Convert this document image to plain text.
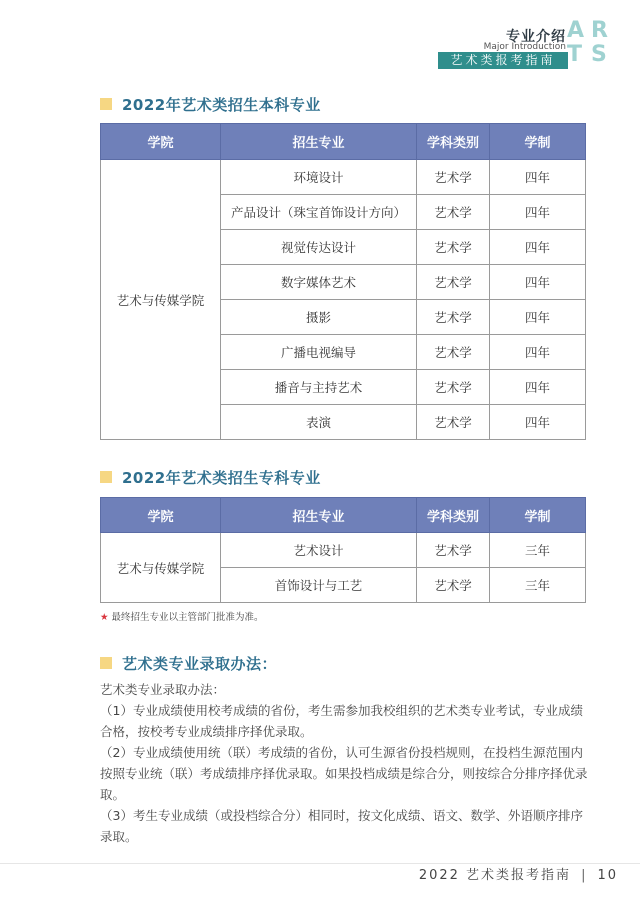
专业介绍
Major Introduction
艺术类报考指南
A R
T S
2022年艺术类招生本科专业
学院	招生专业	学科类别	学制
艺术与传媒学院	环境设计	艺术学	四年
	产品设计（珠宝首饰设计方向）	艺术学	四年
	视觉传达设计	艺术学	四年
	数字媒体艺术	艺术学	四年
	摄影	艺术学	四年
	广播电视编导	艺术学	四年
	播音与主持艺术	艺术学	四年
	表演	艺术学	四年
2022年艺术类招生专科专业
学院	招生专业	学科类别	学制
艺术与传媒学院	艺术设计	艺术学	三年
	首饰设计与工艺	艺术学	三年
★ 最终招生专业以主管部门批准为准。
艺术类专业录取办法：

艺术类专业录取办法：

（1）专业成绩使用校考成绩的省份，考生需参加我校组织的艺术类专业考试，专业成绩合格，按校考专业成绩排序择优录取。

（2）专业成绩使用统（联）考成绩的省份，认可生源省份投档规则，在投档生源范围内按照专业统（联）考成绩排序择优录取。如果投档成绩是综合分，则按综合分排序择优录取。

（3）考生专业成绩（或投档综合分）相同时，按文化成绩、语文、数学、外语顺序排序录取。

2022 艺术类报考指南 | 10
